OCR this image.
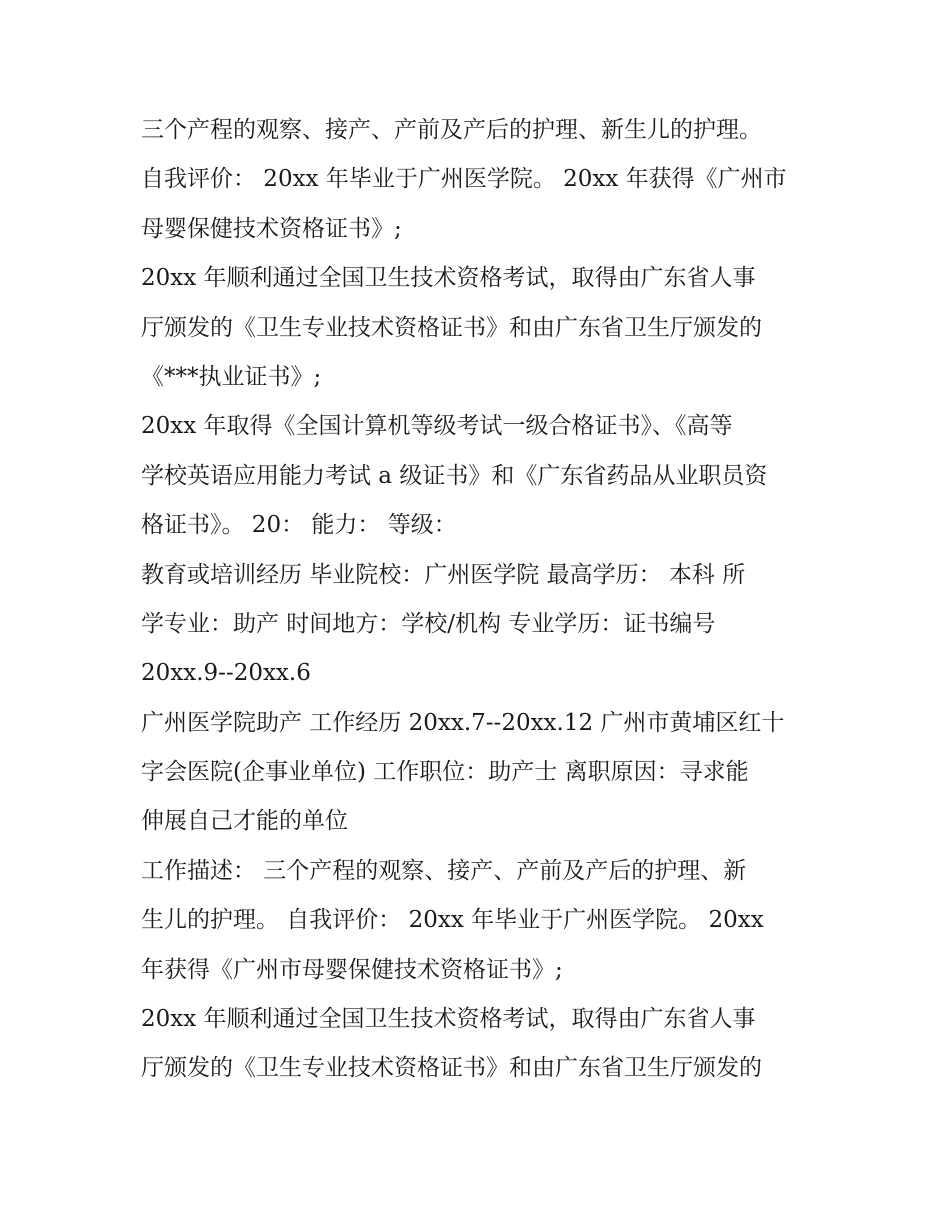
三个产程的观察、接产、产前及产后的护理、新生儿的护理。
自我评价： 20xx 年毕业于广州医学院。 20xx 年获得《广州市
母婴保健技术资格证书》;
20xx 年顺利通过全国卫生技术资格考试，取得由广东省人事
厅颁发的《卫生专业技术资格证书》和由广东省卫生厅颁发的
《***执业证书》;
20xx 年取得《全国计算机等级考试一级合格证书》、《高等
学校英语应用能力考试 a 级证书》和《广东省药品从业职员资
格证书》。 20： 能力： 等级：
教育或培训经历 毕业院校：广州医学院 最高学历： 本科 所
学专业：助产 时间地方：学校/机构 专业学历：证书编号
20xx.9--20xx.6
广州医学院助产 工作经历 20xx.7--20xx.12 广州市黄埔区红十
字会医院(企事业单位) 工作职位：助产士 离职原因：寻求能
伸展自己才能的单位
工作描述： 三个产程的观察、接产、产前及产后的护理、新
生儿的护理。 自我评价： 20xx 年毕业于广州医学院。 20xx
年获得《广州市母婴保健技术资格证书》;
20xx 年顺利通过全国卫生技术资格考试，取得由广东省人事
厅颁发的《卫生专业技术资格证书》和由广东省卫生厅颁发的
